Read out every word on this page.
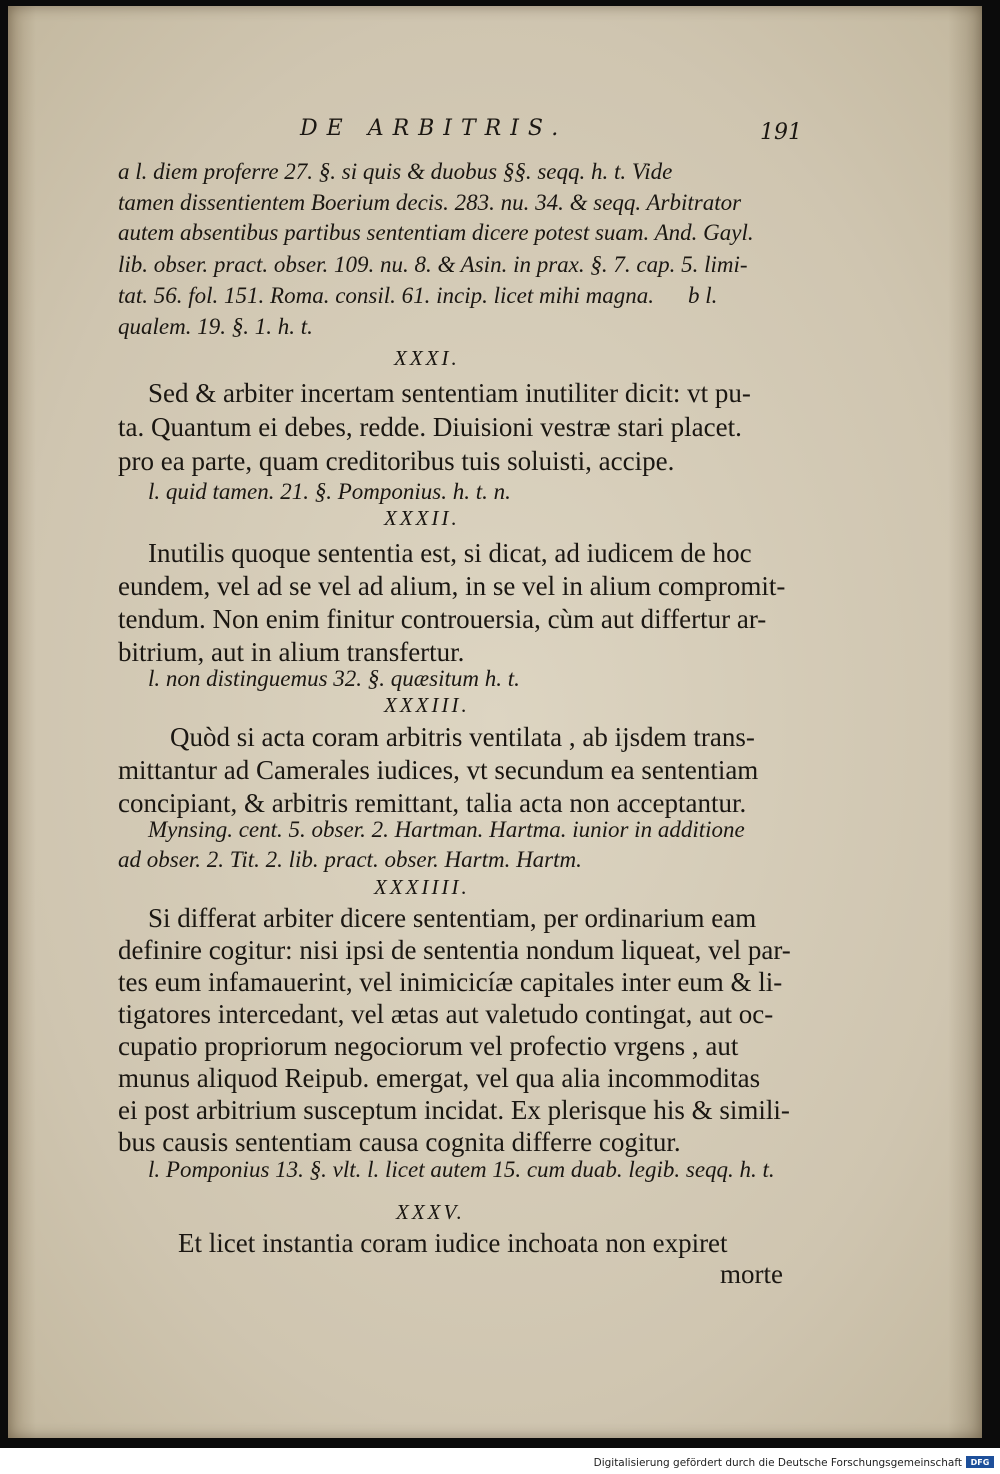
DE ARBITRIS.	191
a l. diem proferre 27. §. si quis & duobus §§. seqq. h. t. Vide
tamen dissentientem Boerium decis. 283. nu. 34. & seqq. Arbitrator
autem absentibus partibus sententiam dicere potest suam. And. Gayl.
lib. obser. pract. obser. 109. nu. 8. & Asin. in prax. §. 7. cap. 5. limi-
tat. 56. fol. 151. Roma. consil. 61. incip. licet mihi magna. b l.
qualem. 19. §. 1. h. t.
XXXI.
Sed & arbiter incertam sententiam inutiliter dicit: vt pu-
ta. Quantum ei debes, redde. Diuisioni vestræ stari placet.
pro ea parte, quam creditoribus tuis soluisti, accipe.
l. quid tamen. 21. §. Pomponius. h. t. n.
XXXII.
Inutilis quoque sententia est, si dicat, ad iudicem de hoc
eundem, vel ad se vel ad alium, in se vel in alium compromit-
tendum. Non enim finitur controuersia, cùm aut differtur ar-
bitrium, aut in alium transfertur.
l. non distinguemus 32. §. quæsitum h. t.
XXXIII.
Quòd si acta coram arbitris ventilata , ab ijsdem trans-
mittantur ad Camerales iudices, vt secundum ea sententiam
concipiant, & arbitris remittant, talia acta non acceptantur.
Mynsing. cent. 5. obser. 2. Hartman. Hartma. iunior in additione
ad obser. 2. Tit. 2. lib. pract. obser. Hartm. Hartm.
XXXIIII.
Si differat arbiter dicere sententiam, per ordinarium eam
definire cogitur: nisi ipsi de sententia nondum liqueat, vel par-
tes eum infamauerint, vel inimicicíæ capitales inter eum & li-
tigatores intercedant, vel ætas aut valetudo contingat, aut oc-
cupatio propriorum negociorum vel profectio vrgens , aut
munus aliquod Reipub. emergat, vel qua alia incommoditas
ei post arbitrium susceptum incidat. Ex plerisque his & simili-
bus causis sententiam causa cognita differre cogitur.
l. Pomponius 13. §. vlt. l. licet autem 15. cum duab. legib. seqq. h. t.
XXXV.
Et licet instantia coram iudice inchoata non expiret
morte
Digitalisierung gefördert durch die Deutsche Forschungsgemeinschaft	DFG
